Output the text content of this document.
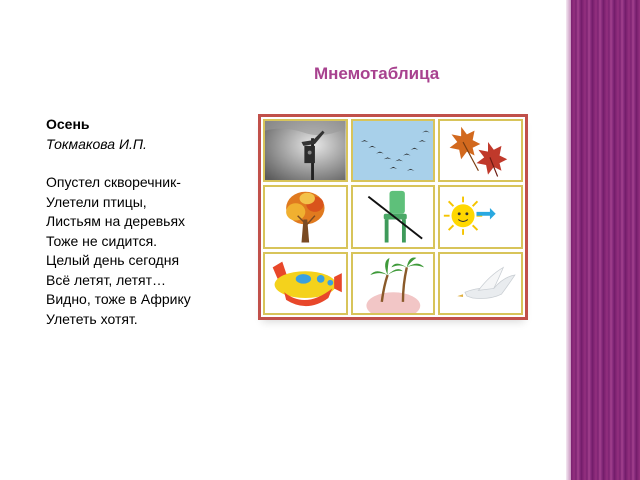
Мнемотаблица
Осень
Токмакова И.П.
Опустел скворечник-
Улетели птицы,
Листьям на деревьях
Тоже не сидится.
Целый день сегодня
Всё летят, летят…
Видно, тоже в Африку
Улететь хотят.
